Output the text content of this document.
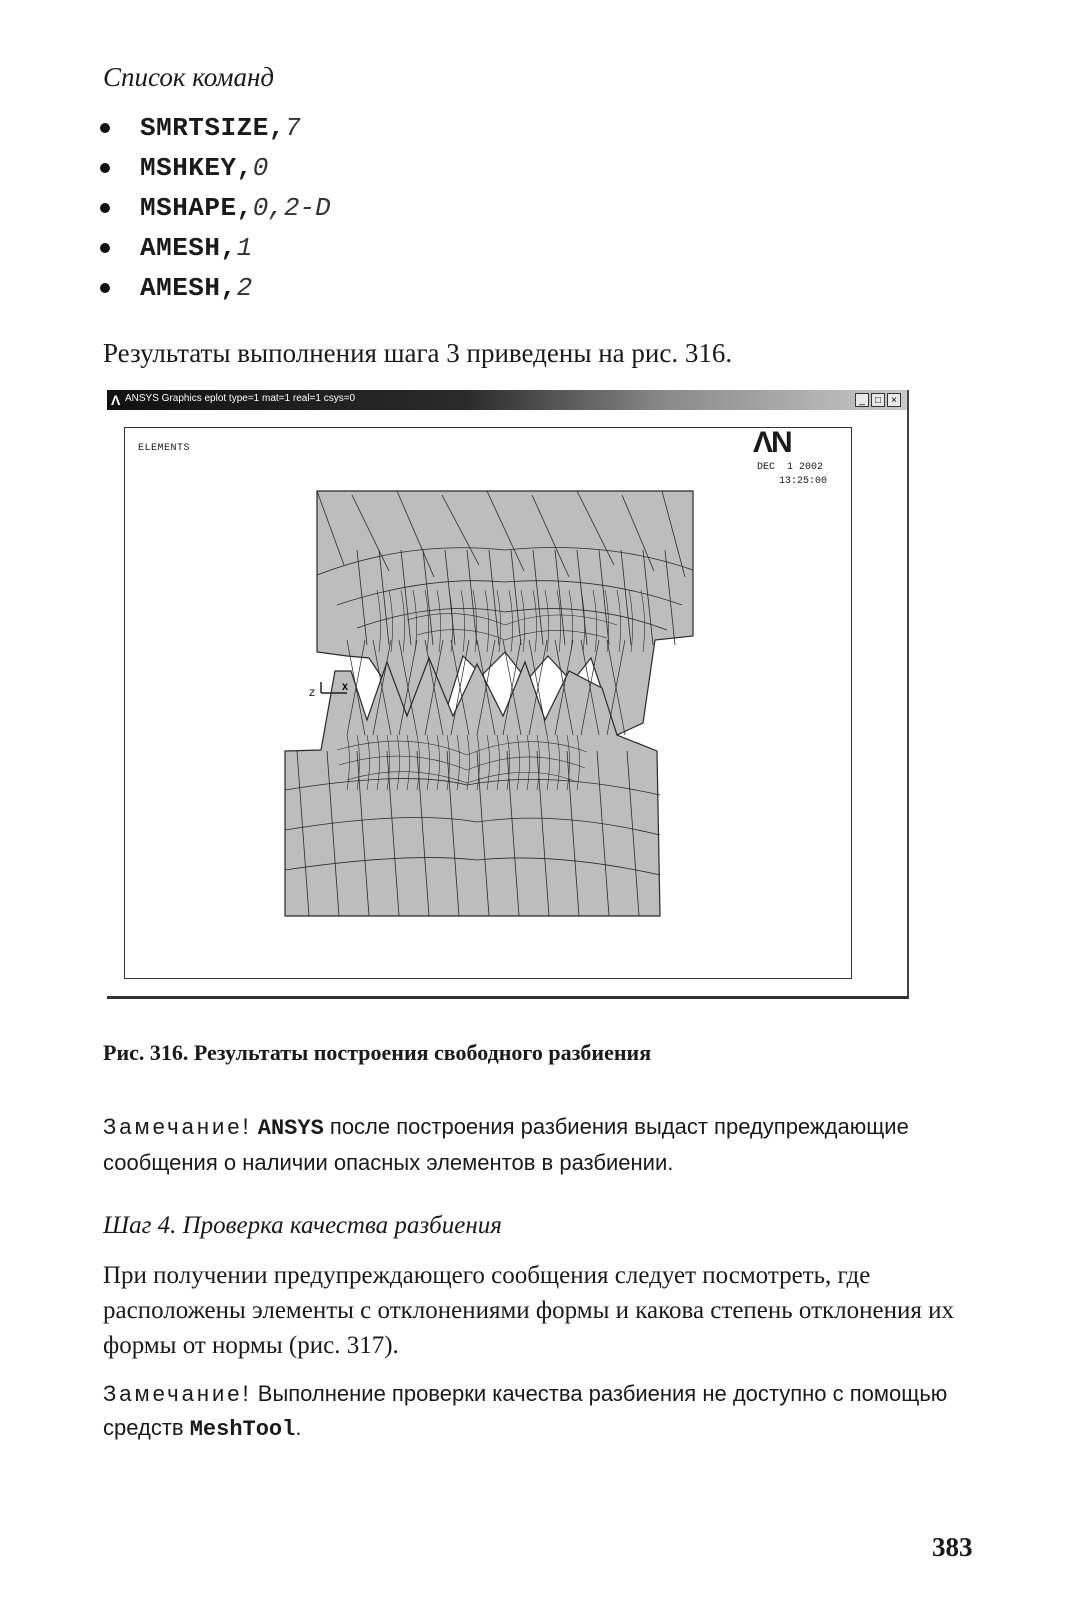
Список команд
SMRTSIZE, 7
MSHKEY, 0
MSHAPE, 0,2-D
AMESH, 1
AMESH, 2
Результаты выполнения шага 3 приведены на рис. 316.
Λ ANSYS Graphics eplot type=1 mat=1 real=1 csys=0	_	□	×
Z
X
ELEMENTS	ΛN
DEC  1 2002
13:25:00
Рис. 316. Результаты построения свободного разбиения
Замечание! ANSYS после построения разбиения выдаст предупреждающие сообщения о наличии опасных элементов в разбиении.
Шаг 4. Проверка качества разбиения
При получении предупреждающего сообщения следует посмотреть, где расположены элементы с отклонениями формы и какова степень отклонения их формы от нормы (рис. 317).
Замечание! Выполнение проверки качества разбиения не доступно с помощью средств MeshTool.
383
